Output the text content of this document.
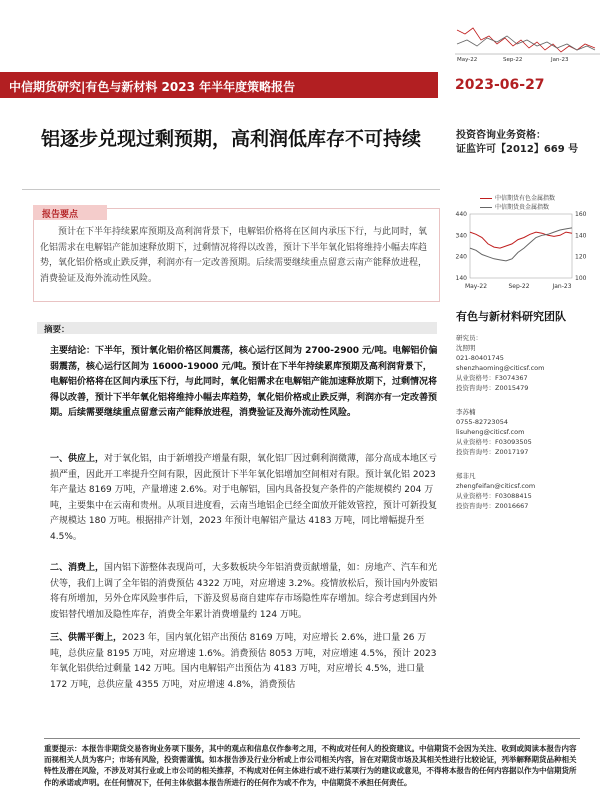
May-22	Sep-22	Jan-23
中信期货研究|有色与新材料 2023 年半年度策略报告	2023-06-27
铝逐步兑现过剩预期，高利润低库存不可持续	投资咨询业务资格：
证监许可【2012】669 号
中信期货有色金属指数
中信期货贵金属指数
140
240
340
440
100
120
140
160
May-22	Sep-22	Jan-23
有色与新材料研究团队
研究员：
沈照明
021-80401745
shenzhaoming@citicsf.com
从业资格号：F3074367
投资咨询号：Z0015479
李苏楠
0755-82723054
lisuheng@citicsf.com
从业资格号：F03093505
投资咨询号：Z0017197
郑非凡
zhengfeifan@citicsf.com
从业资格号：F03088415
投资咨询号：Z0016667
报告要点
预计在下半年持续累库预期及高利润背景下，电解铝价格将在区间内承压下行，与此同时，氧化铝需求在电解铝产能加速释放期下，过剩情况将得以改善，预计下半年氧化铝将维持小幅去库趋势，氧化铝价格或止跌反弹，利润亦有一定改善预期。后续需要继续重点留意云南产能释放进程，消费验证及海外流动性风险。
摘要：
主要结论：下半年，预计氧化铝价格区间震荡，核心运行区间为 2700-2900 元/吨。电解铝价偏弱震荡，核心运行区间为 16000-19000 元/吨。预计在下半年持续累库预期及高利润背景下，电解铝价格将在区间内承压下行，与此同时，氧化铝需求在电解铝产能加速释放期下，过剩情况将得以改善，预计下半年氧化铝将维持小幅去库趋势，氧化铝价格或止跌反弹，利润亦有一定改善预期。后续需要继续重点留意云南产能释放进程，消费验证及海外流动性风险。
一、供应上，对于氧化铝，由于新增投产增量有限，氧化铝厂因过剩利润微薄，部分高成本地区亏损严重，因此开工率提升空间有限，因此预计下半年氧化铝增加空间相对有限。预计氧化铝 2023 年产量达 8169 万吨，产量增速 2.6%。对于电解铝，国内具备投复产条件的产能规模约 204 万吨，主要集中在云南和贵州。从项目进度看，云南当地铝企已经全面放开能效管控，预计可新投复产规模达 180 万吨。根据排产计划，2023 年预计电解铝产量达 4183 万吨，同比增幅提升至 4.5%。
二、消费上，国内铝下游整体表现尚可，大多数板块今年铝消费贡献增量，如：房地产、汽车和光伏等，我们上调了全年铝的消费预估 4322 万吨，对应增速 3.2%。疫情放松后，预计国内外废铝将有所增加，另外仓库风险事件后，下游及贸易商自建库存市场隐性库存增加。综合考虑到国内外废铝替代增加及隐性库存，消费全年累计消费增量约 124 万吨。
三、供需平衡上，2023 年，国内氧化铝产出预估 8169 万吨，对应增长 2.6%，进口量 26 万吨，总供应量 8195 万吨，对应增速 1.6%。消费预估 8053 万吨，对应增速 4.5%，预计 2023 年氧化铝供给过剩量 142 万吨。国内电解铝产出预估为 4183 万吨，对应增长 4.5%，进口量 172 万吨，总供应量 4355 万吨，对应增速 4.8%，消费预估
重要提示：本报告非期货交易咨询业务项下服务，其中的观点和信息仅作参考之用，不构成对任何人的投资建议。中信期货不会因为关注、收到或阅读本报告内容而视相关人员为客户；市场有风险，投资需谨慎。如本报告涉及行业分析或上市公司相关内容，旨在对期货市场及其相关性进行比较论证，列举解释期货品种相关特性及潜在风险，不涉及对其行业或上市公司的相关推荐，不构成对任何主体进行或不进行某项行为的建议或意见，不得将本报告的任何内容据以作为中信期货所作的承诺或声明。在任何情况下，任何主体依据本报告所进行的任何作为或不作为，中信期货不承担任何责任。
